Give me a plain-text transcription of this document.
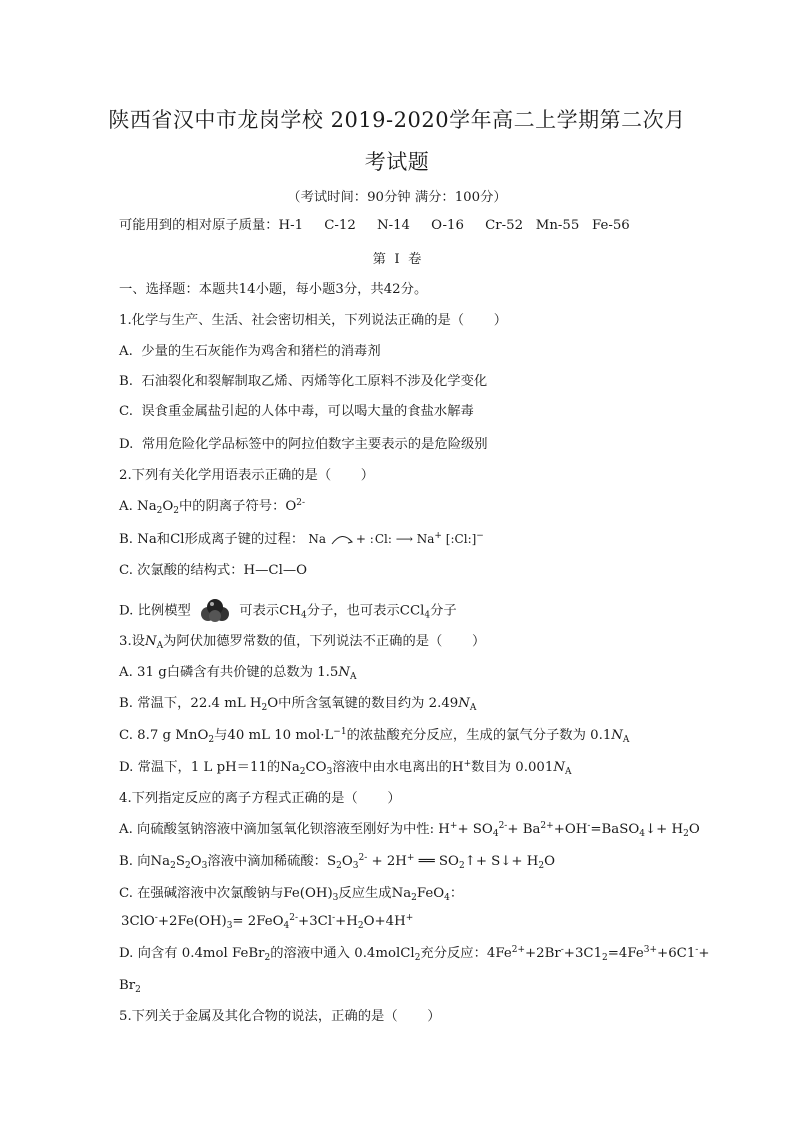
陕西省汉中市龙岗学校 2019-2020学年高二上学期第二次月
考试题
（考试时间：90分钟 满分：100分）
可能用到的相对原子质量：H-1     C-12     N-14     O-16     Cr-52   Mn-55   Fe-56
第  Ⅰ  卷
一、选择题：本题共14小题，每小题3分，共42分。
1.化学与生产、生活、社会密切相关，下列说法正确的是（       ）
A.  少量的生石灰能作为鸡舍和猪栏的消毒剂
B.  石油裂化和裂解制取乙烯、丙烯等化工原料不涉及化学变化
C.  误食重金属盐引起的人体中毒，可以喝大量的食盐水解毒
D.  常用危险化学品标签中的阿拉伯数字主要表示的是危险级别
2.下列有关化学用语表示正确的是（       ）
A. $Na_2O_2$中的阴离子符号：$O^{2-}$
B. Na和Cl形成离子键的过程： Na + :Cl: ⟶ Na+ [:Cl:]−
C. 次氯酸的结构式：H—Cl—O
D. 比例模型	可表示$CH_4$分子，也可表示CCl$_4$分子
3.设$N_A$为阿伏加德罗常数的值，下列说法不正确的是（       ）
A. 31 g白磷含有共价键的总数为 $1.5N_A$
B. 常温下，22.4 mL $H_2O$中所含氢氧键的数目约为 $2.49N_A$
C. 8.7 g MnO$_2$与40 mL 10 $mol\cdot L^{-1}$的浓盐酸充分反应，生成的氯气分子数为 $0.1N_A$
D. 常温下，1 L pH＝11的$Na_2CO_3$溶液中由水电离出的H+数目为 $0.001N_A$
4.下列指定反应的离子方程式正确的是（       ）
A. 向硫酸氢钠溶液中滴加氢氧化钡溶液至刚好为中性: $H^++ SO_4^{2-}+$ $Ba^{2+}+OH^-=BaSO_4↓+ H_2O$
B. 向$Na_2S_2O_3$溶液中滴加稀硫酸：$S_2O_3^{2-} + 2H^+$ ══ $SO_2↑+$ S↓+ $H_2O$
C. 在强碱溶液中次氯酸钠与$Fe(OH)_3$反应生成$Na_2FeO_4$：
$3ClO^-+2Fe(OH)_3= 2FeO_4^{2-}+3Cl^-+H_2O+4H^+$
D. 向含有 0.4mol FeBr$_2$的溶液中通入 0.4molCl$_2$充分反应：$4Fe^{2+}+2Br^-+3C1_2=4Fe^{3+}+6C1^-+$
$Br_2$
5.下列关于金属及其化合物的说法，正确的是（       ）
